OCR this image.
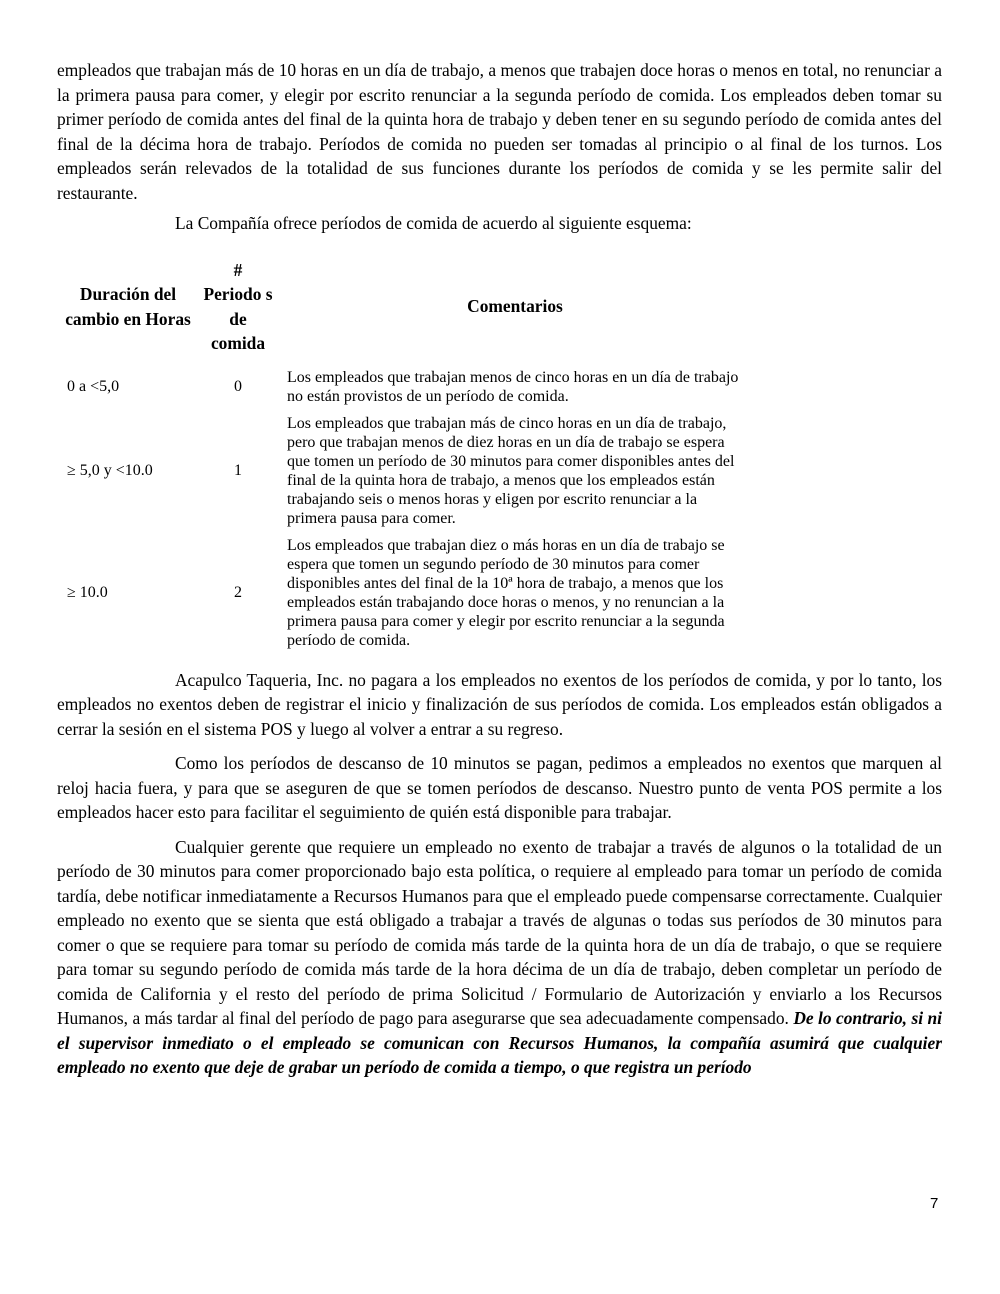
empleados que trabajan más de 10 horas en un día de trabajo, a menos que trabajen doce horas o menos en total, no renunciar a la primera pausa para comer, y elegir por escrito renunciar a la segunda período de comida. Los empleados deben tomar su primer período de comida antes del final de la quinta hora de trabajo y deben tener en su segundo período de comida antes del final de la décima hora de trabajo. Períodos de comida no pueden ser tomadas al principio o al final de los turnos. Los empleados serán relevados de la totalidad de sus funciones durante los períodos de comida y se les permite salir del restaurante.

La Compañía ofrece períodos de comida de acuerdo al siguiente esquema:

Duración del cambio en Horas	# Periodo s de comida	Comentarios
0 a <5,0	0	Los empleados que trabajan menos de cinco horas en un día de trabajo no están provistos de un período de comida.
≥ 5,0 y <10.0	1	Los empleados que trabajan más de cinco horas en un día de trabajo, pero que trabajan menos de diez horas en un día de trabajo se espera que tomen un período de 30 minutos para comer disponibles antes del final de la quinta hora de trabajo, a menos que los empleados están trabajando seis o menos horas y eligen por escrito renunciar a la primera pausa para comer.
≥ 10.0	2	Los empleados que trabajan diez o más horas en un día de trabajo se espera que tomen un segundo período de 30 minutos para comer disponibles antes del final de la 10ª hora de trabajo, a menos que los empleados están trabajando doce horas o menos, y no renuncian a la primera pausa para comer y elegir por escrito renunciar a la segunda período de comida.

Acapulco Taqueria, Inc. no pagara a los empleados no exentos de los períodos de comida, y por lo tanto, los empleados no exentos deben de registrar el inicio y finalización de sus períodos de comida. Los empleados están obligados a cerrar la sesión en el sistema POS y luego al volver a entrar a su regreso.

Como los períodos de descanso de 10 minutos se pagan, pedimos a empleados no exentos que marquen al reloj hacia fuera, y para que se aseguren de que se tomen períodos de descanso. Nuestro punto de venta POS permite a los empleados hacer esto para facilitar el seguimiento de quién está disponible para trabajar.

Cualquier gerente que requiere un empleado no exento de trabajar a través de algunos o la totalidad de un período de 30 minutos para comer proporcionado bajo esta política, o requiere al empleado para tomar un período de comida tardía, debe notificar inmediatamente a Recursos Humanos para que el empleado puede compensarse correctamente. Cualquier empleado no exento que se sienta que está obligado a trabajar a través de algunas o todas sus períodos de 30 minutos para comer o que se requiere para tomar su período de comida más tarde de la quinta hora de un día de trabajo, o que se requiere para tomar su segundo período de comida más tarde de la hora décima de un día de trabajo, deben completar un período de comida de California y el resto del período de prima Solicitud / Formulario de Autorización y enviarlo a los Recursos Humanos, a más tardar al final del período de pago para asegurarse que sea adecuadamente compensado. De lo contrario, si ni el supervisor inmediato o el empleado se comunican con Recursos Humanos, la compañía asumirá que cualquier empleado no exento que deje de grabar un período de comida a tiempo, o que registra un período

7
